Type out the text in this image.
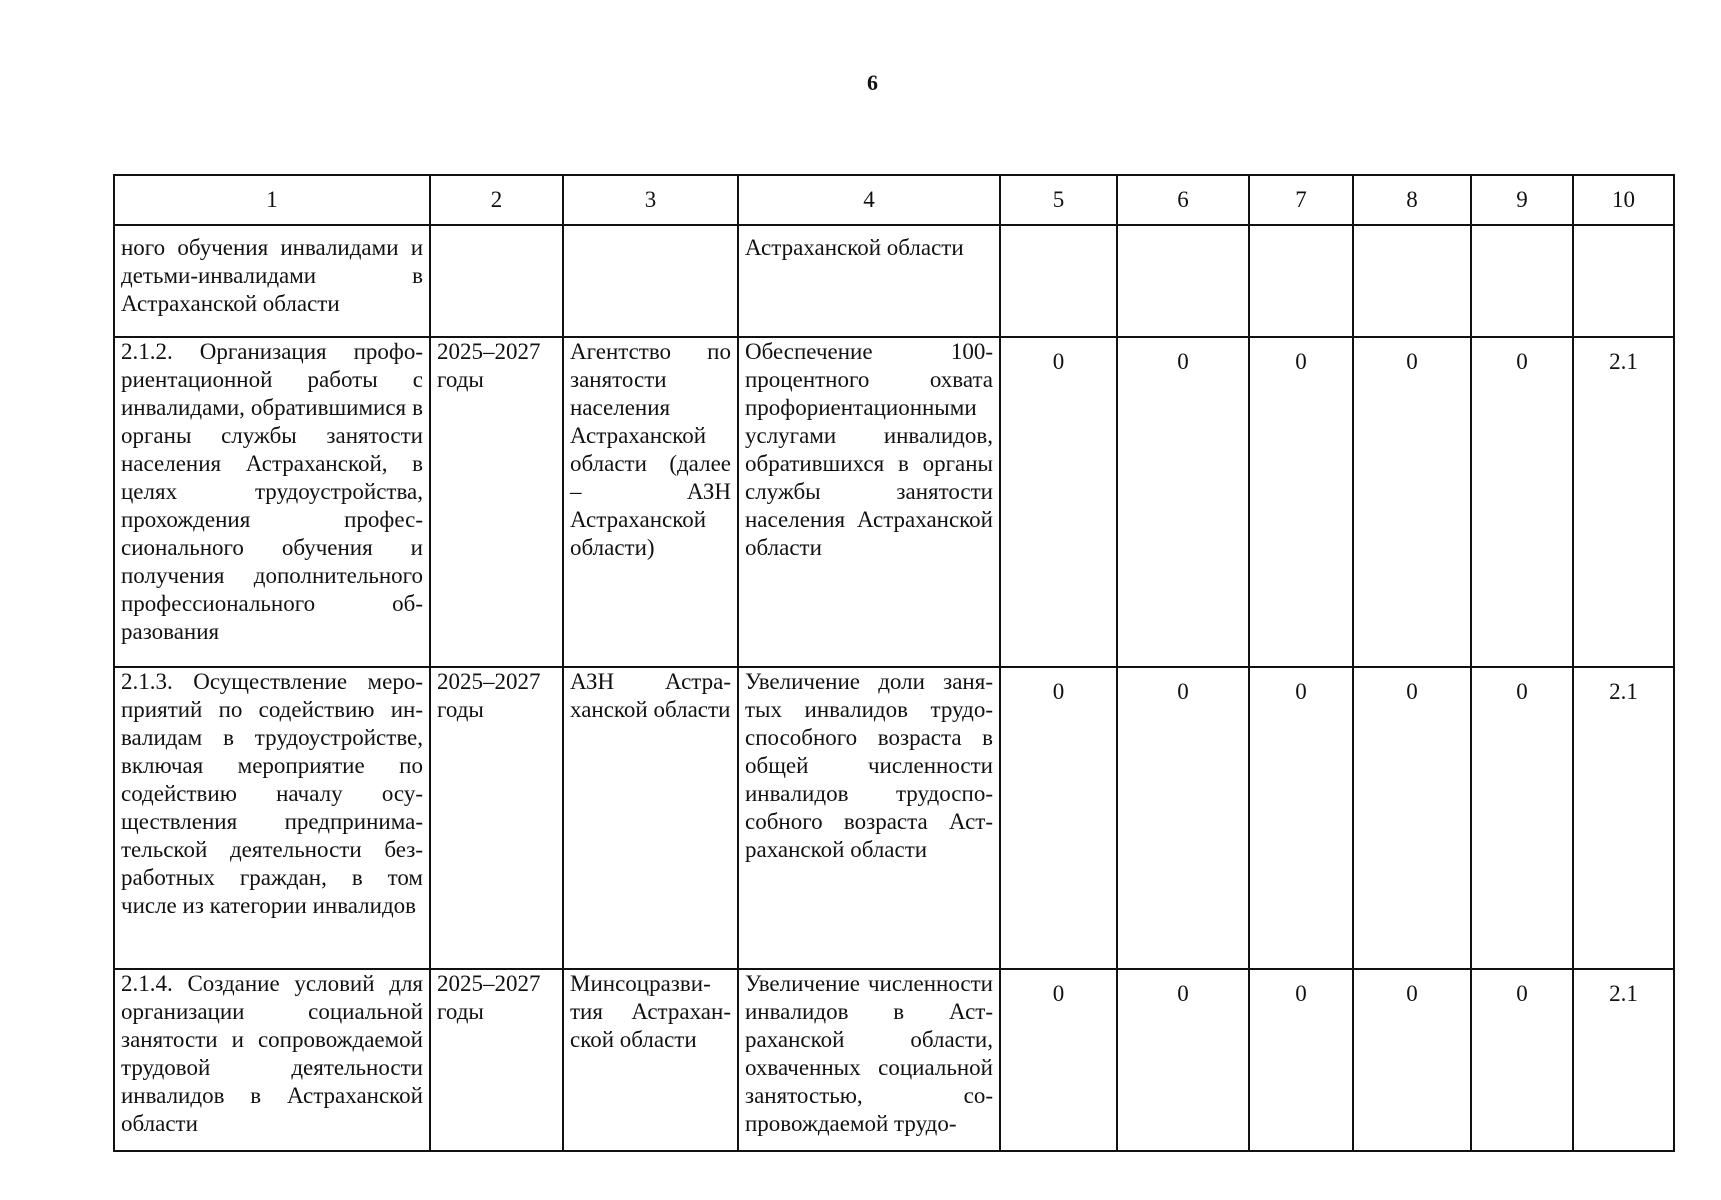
6
1	2	3	4	5	6	7	8	9	10
ного обучения инвалидами и детьми-инвалидами в Астраханской области			Астраханской области						
2.1.2. Организация профориентационной работы с инвалидами, обратившимися в органы службы занятости населения Астраханской, в целях трудоустройства, прохождения профессионального обучения и получения дополнительного профессионального образования	2025–2027 годы	Агентство по занятости населения Астраханской области (далее – АЗН Астраханской области)	Обеспечение 100-процентного охвата профориентационными услугами инвалидов, обратившихся в органы службы занятости населения Астраханской области	0	0	0	0	0	2.1
2.1.3. Осуществление мероприятий по содействию инвалидам в трудоустройстве, включая мероприятие по содействию началу осуществления предпринимательской деятельности безработных граждан, в том числе из категории инвалидов	2025–2027 годы	АЗН Астраханской области	Увеличение доли занятых инвалидов трудоспособного возраста в общей численности инвалидов трудоспособного возраста Астраханской области	0	0	0	0	0	2.1
2.1.4. Создание условий для организации социальной занятости и сопровождаемой трудовой деятельности инвалидов в Астраханской области	2025–2027 годы	Минсоцразвития Астраханской области	Увеличение численности инвалидов в Астраханской области, охваченных социальной занятостью, сопровождаемой трудо-	0	0	0	0	0	2.1
